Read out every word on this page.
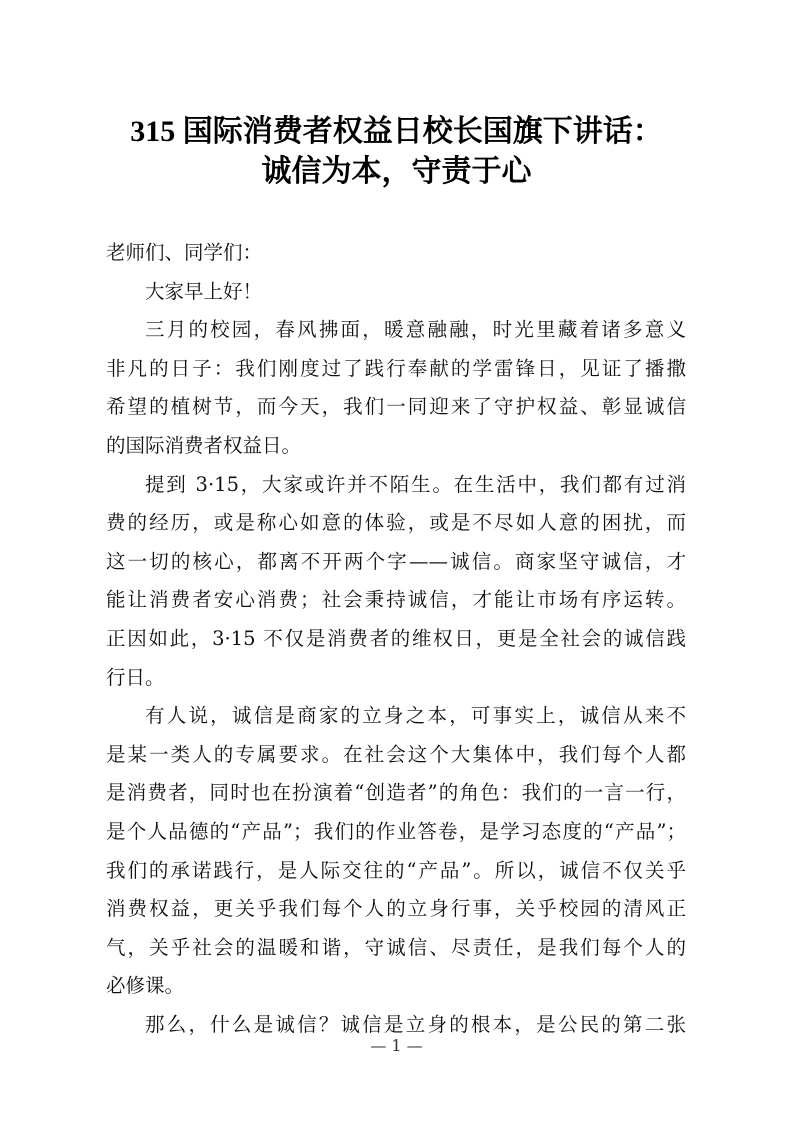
315 国际消费者权益日校长国旗下讲话：
诚信为本，守责于心
老师们、同学们：
大家早上好！
三月的校园，春风拂面，暖意融融，时光里藏着诸多意义
非凡的日子：我们刚度过了践行奉献的学雷锋日，见证了播撒
希望的植树节，而今天，我们一同迎来了守护权益、彰显诚信
的国际消费者权益日。
提到 3·15，大家或许并不陌生。在生活中，我们都有过消
费的经历，或是称心如意的体验，或是不尽如人意的困扰，而
这一切的核心，都离不开两个字——诚信。商家坚守诚信，才
能让消费者安心消费；社会秉持诚信，才能让市场有序运转。
正因如此，3·15 不仅是消费者的维权日，更是全社会的诚信践
行日。
有人说，诚信是商家的立身之本，可事实上，诚信从来不
是某一类人的专属要求。在社会这个大集体中，我们每个人都
是消费者，同时也在扮演着“创造者”的角色：我们的一言一行，
是个人品德的“产品”；我们的作业答卷，是学习态度的“产品”；
我们的承诺践行，是人际交往的“产品”。所以，诚信不仅关乎
消费权益，更关乎我们每个人的立身行事，关乎校园的清风正
气，关乎社会的温暖和谐，守诚信、尽责任，是我们每个人的
必修课。
那么，什么是诚信？诚信是立身的根本，是公民的第二张
— 1 —
